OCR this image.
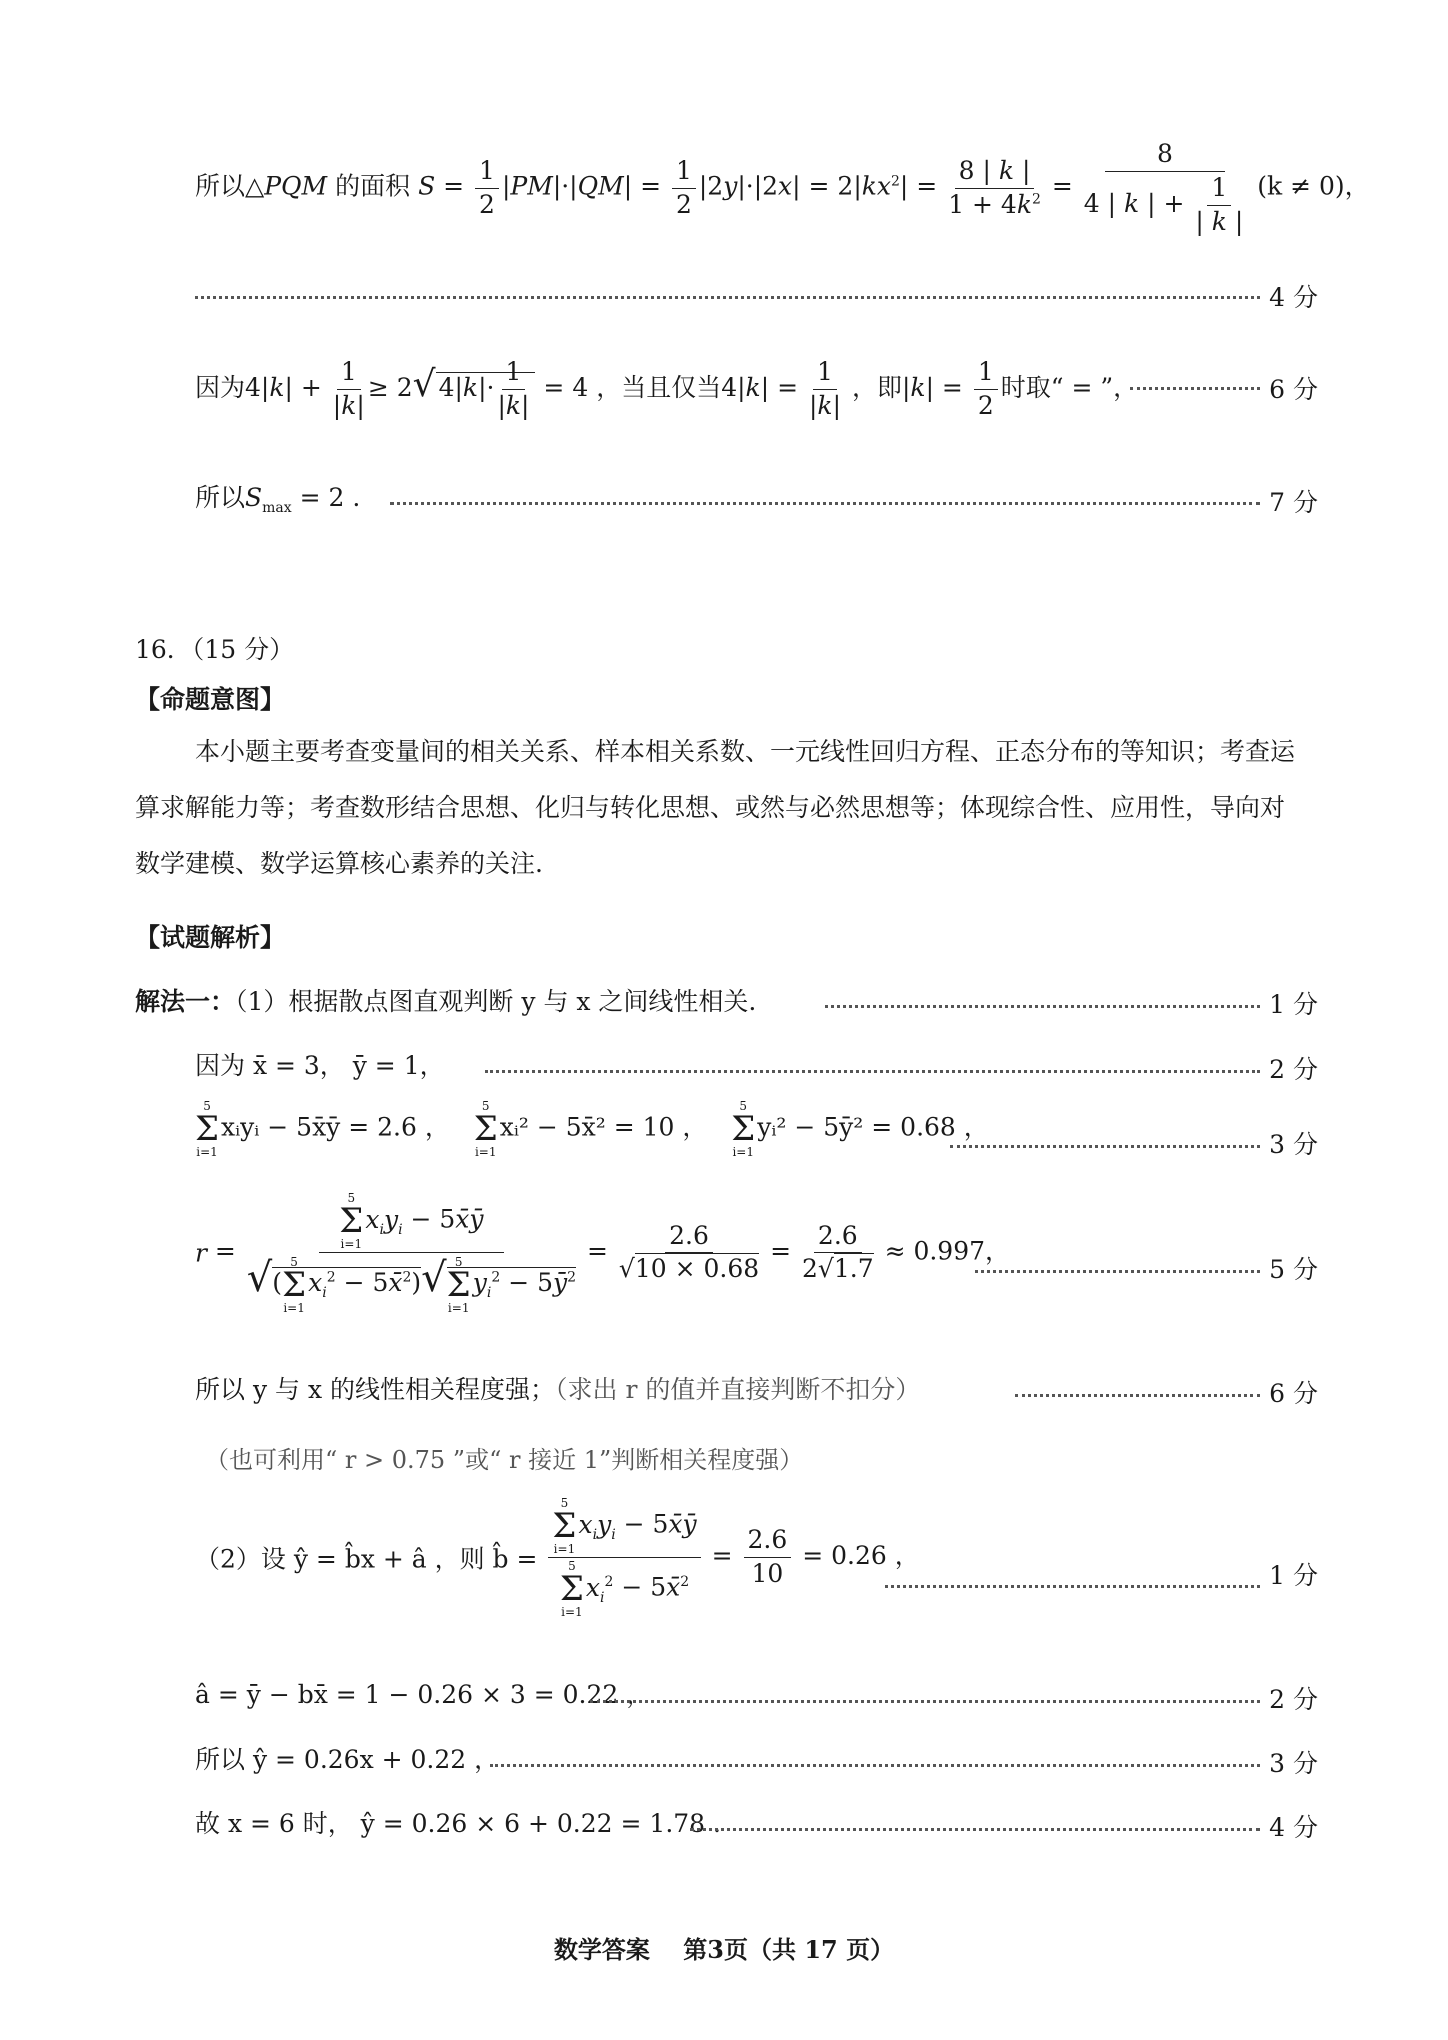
所以△PQM 的面积 $S = \frac{1}{2} |PM|\cdot|QM| = \frac{1}{2} |2y|\cdot|2x| = 2|kx^2| = \frac{8 | k |}{1 + 4k^2} = \frac{8}{4 | k | + \frac{1}{| k |}} (k \ne 0)$，
4 分
因为$4|k| + \frac{1}{|k|} \ge 2√$ $4|k|\cdot \frac{1}{|k|} = 4$ ，当且仅当$4|k| = \frac{1}{|k|}$ ，即$|k| = \frac{1}{2}$ 时取“ = ”，	6 分
所以$S_{max} = 2$ .	7 分
16．（15 分）
【命题意图】
本小题主要考查变量间的相关关系、样本相关系数、一元线性回归方程、正态分布的等知识；考查运算求解能力等；考查数形结合思想、化归与转化思想、或然与必然思想等；体现综合性、应用性，导向对数学建模、数学运算核心素养的关注.
【试题解析】
解法一：（1）根据散点图直观判断 y 与 x 之间线性相关.	1 分
因为 x̄ = 3， ȳ = 1，	2 分
5
Σ
i=1
xᵢyᵢ − 5x̄ȳ = 2.6 ，
5
Σ
i=1
xᵢ² − 5x̄² = 10 ，
5
Σ
i=1
yᵢ² − 5ȳ² = 0.68 ，
3 分
r =
5
Σ
i=1
$x_iy_i$ − 5x̄ȳ
√(
5
Σ
i=1
$x_i^2$ − 5x̄$^2$)√ 5
Σ
i=1
$y_i^2$ − $5ȳ^2$
= $\frac{2.6}{√10 \times 0.68} = \frac{2.6}{2√1.7} \approx 0.997$，
5 分
所以 y 与 x 的线性相关程度强；（求出 r 的值并直接判断不扣分）	6 分
（也可利用“ r > 0.75 ”或“ r 接近 1”判断相关程度强）
（2）设 ŷ = b̂x + â ，则 b̂ =
5
Σ
i=1
$x_iy_i$ − 5x̄ȳ
5
Σ
i=1
$x_i^2$ − 5x̄$^2$
= $\frac{2.6}{10} = 0.26$ ，
1 分
â = ȳ − bx̄ = 1 − 0.26 × 3 = 0.22 ，	2 分
所以 ŷ = 0.26x + 0.22 ，	3 分
故 x = 6 时， ŷ = 0.26 × 6 + 0.22 = 1.78 .	4 分
数学答案    第3页（共 17 页）
